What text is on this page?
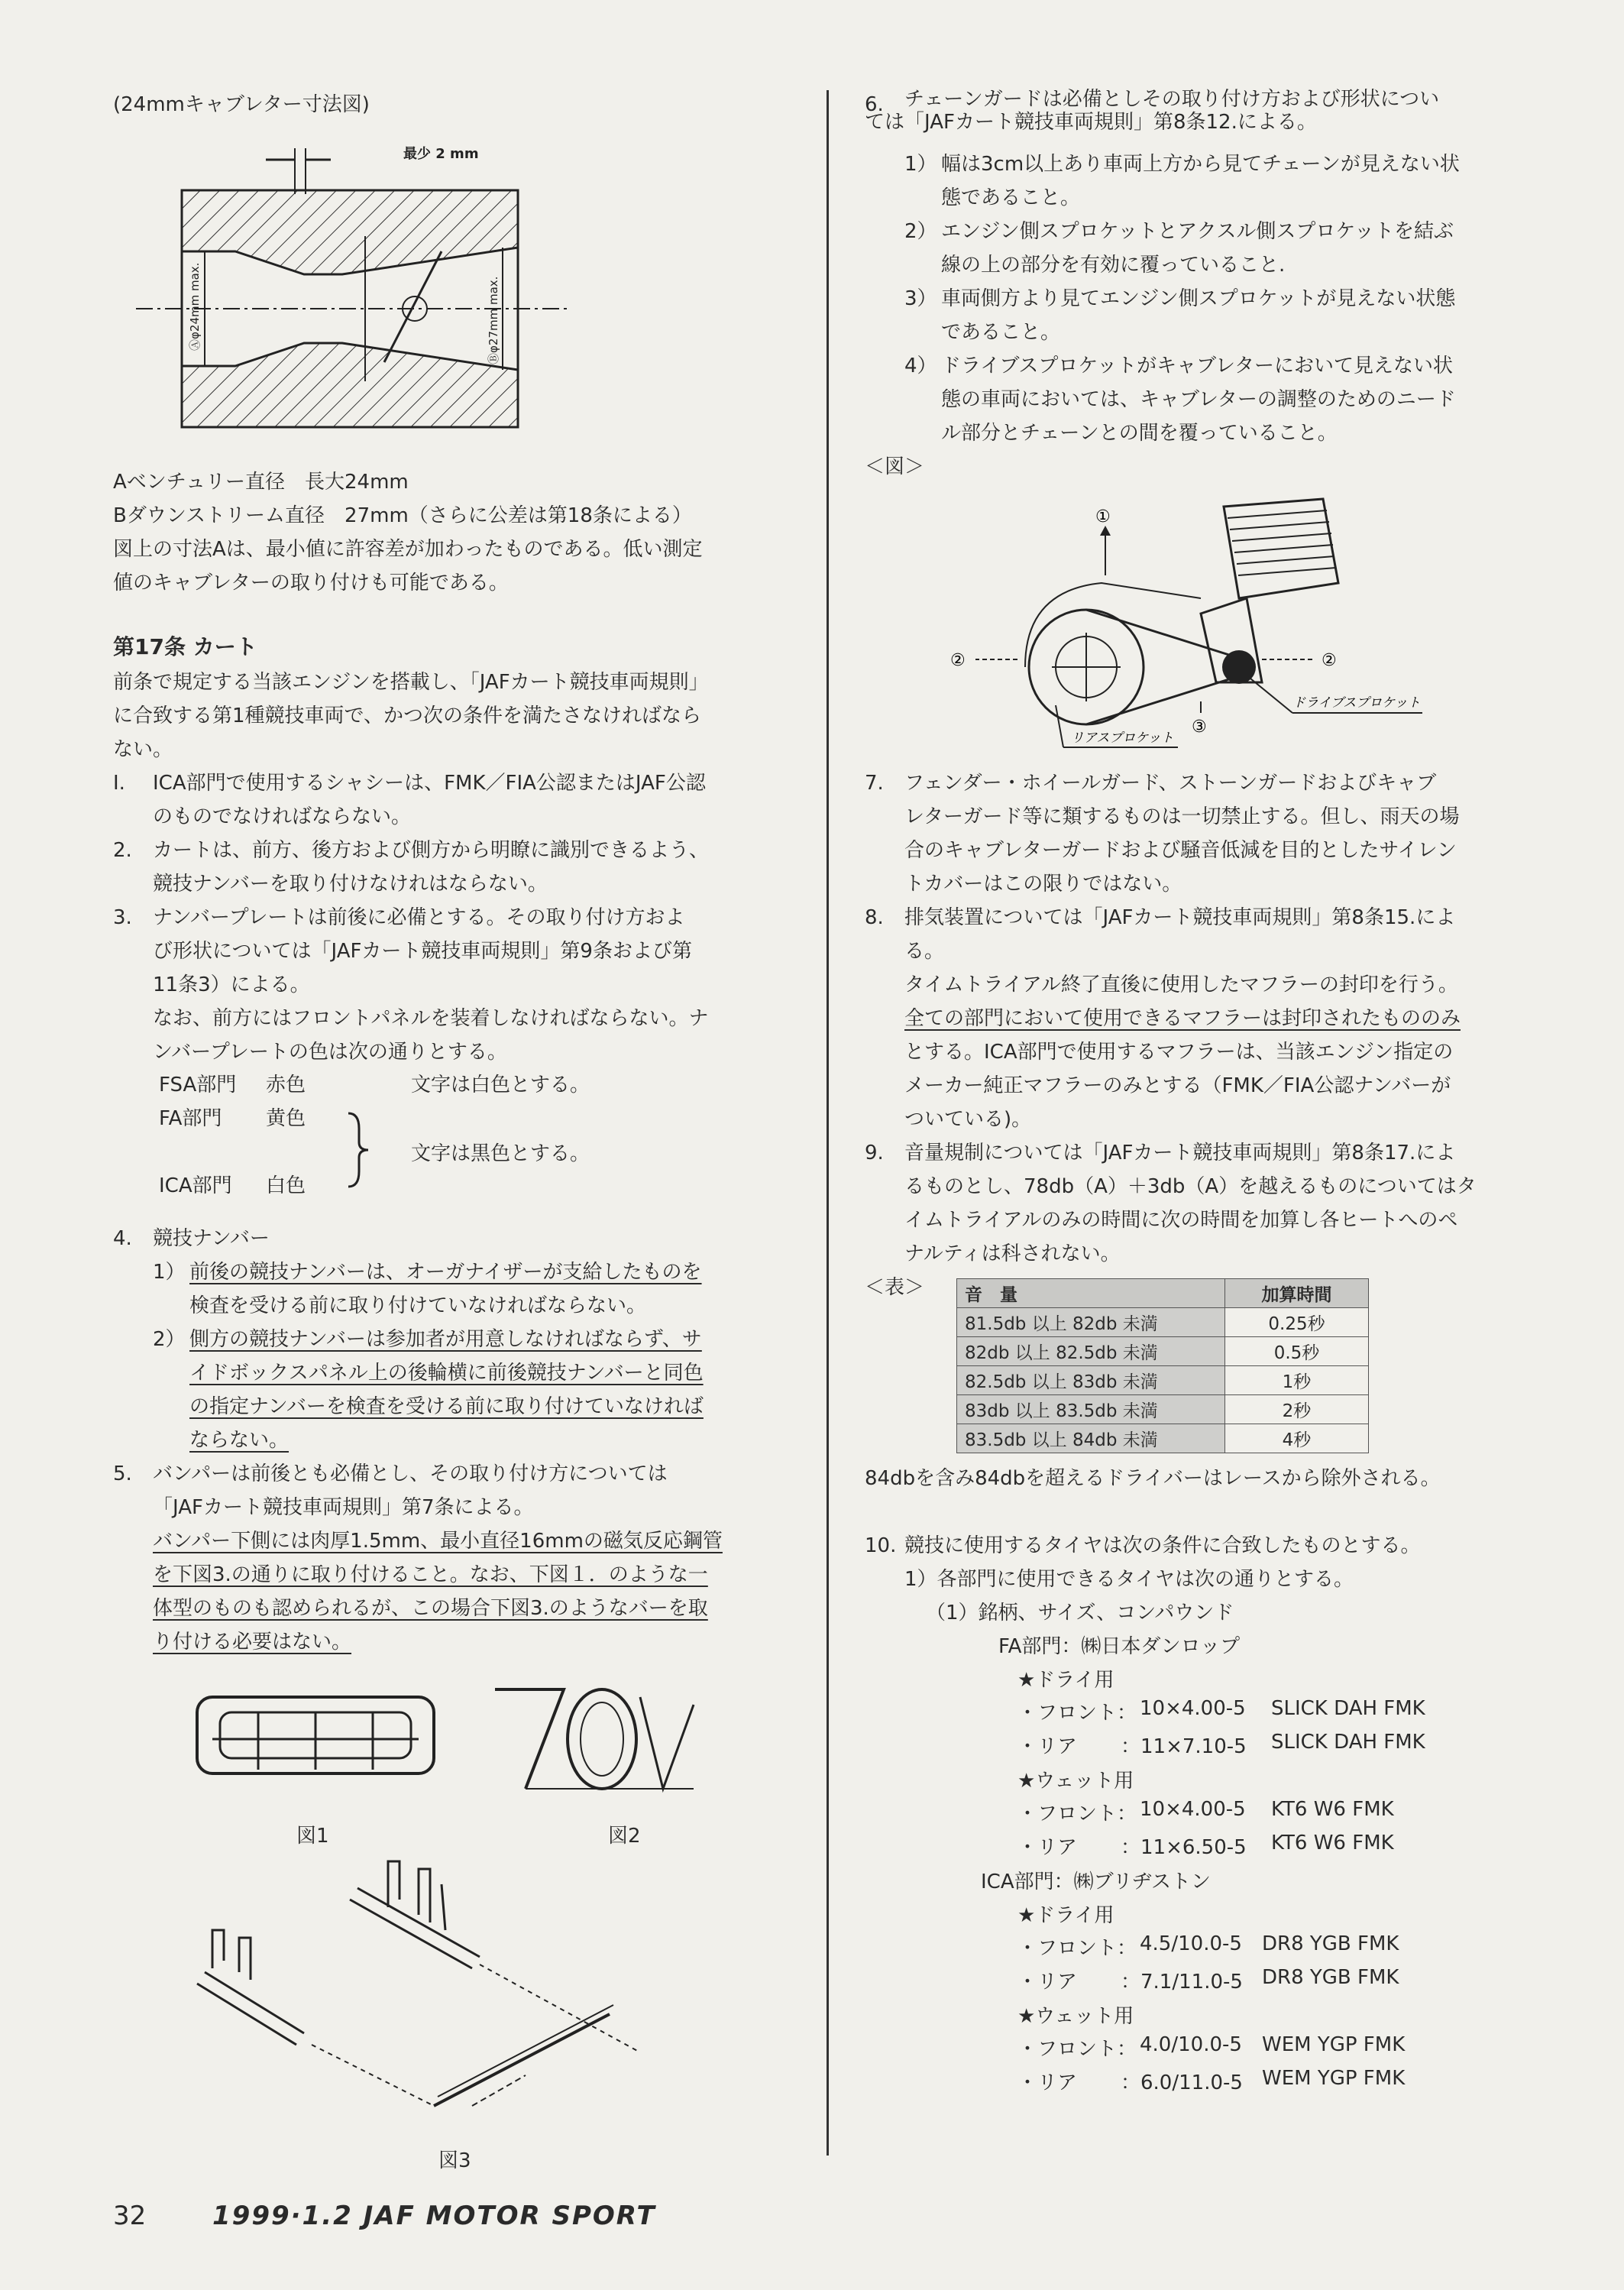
(24mmキャブレター寸法図)

最少 2 mm
Ⓐφ24mm max.	Ⓑφ27mm max.

Aベンチュリー直径　長大24mm

Bダウンストリーム直径　27mm（さらに公差は第18条による）

図上の寸法Aは、最小値に許容差が加わったものである。低い測定

値のキャブレターの取り付けも可能である。

第17条 カート

前条で規定する当該エンジンを搭載し、「JAFカート競技車両規則」

に合致する第1種競技車両で、かつ次の条件を満たさなければなら

ない。

I.	ICA部門で使用するシャシーは、FMK／FIA公認またはJAF公認

のものでなければならない。

2.	カートは、前方、後方および側方から明瞭に識別できるよう、

競技ナンバーを取り付けなけれはならない。

3.	ナンバープレートは前後に必備とする。その取り付け方およ

び形状については「JAFカート競技車両規則」第9条および第

11条3）による。

なお、前方にはフロントパネルを装着しなければならない。ナ

ンバープレートの色は次の通りとする。

FSA部門 赤色	文字は白色とする。
FA部門 黄色
文字は黒色とする。
ICA部門 白色
4.	競技ナンバー

1） 前後の競技ナンバーは、オーガナイザーが支給したものを

検査を受ける前に取り付けていなければならない。

2） 側方の競技ナンバーは参加者が用意しなければならず、サ

イドボックスパネル上の後輪横に前後競技ナンバーと同色

の指定ナンバーを検査を受ける前に取り付けていなければ

ならない。

5.	バンパーは前後とも必備とし、その取り付け方については

「JAFカート競技車両規則」第7条による。

バンパー下側には肉厚1.5mm、最小直径16mmの磁気反応鋼管

を下図3.の通りに取り付けること。なお、下図１．のような一

体型のものも認められるが、この場合下図3.のようなバーを取

り付ける必要はない。

図1	図2
図3
6.	チェーンガードは必備としその取り付け方および形状につい

ては「JAFカート競技車両規則」第8条12.による。

1） 幅は3cm以上あり車両上方から見てチェーンが見えない状

態であること。

2） エンジン側スプロケットとアクスル側スプロケットを結ぶ

線の上の部分を有効に覆っていること.

3） 車両側方より見てエンジン側スプロケットが見えない状態

であること。

4） ドライブスプロケットがキャブレターにおいて見えない状

態の車両においては、キャブレターの調整のためのニード

ル部分とチェーンとの間を覆っていること。

＜図＞

①
②	②
③
ドライブスプロケット
リアスプロケット
7.	フェンダー・ホイールガード、ストーンガードおよびキャブ

レターガード等に類するものは一切禁止する。但し、雨天の場

合のキャブレターガードおよび騒音低減を目的としたサイレン

トカバーはこの限りではない。

8.	排気装置については「JAFカート競技車両規則」第8条15.によ

る。

タイムトライアル終了直後に使用したマフラーの封印を行う。

全ての部門において使用できるマフラーは封印されたもののみ

とする。ICA部門で使用するマフラーは、当該エンジン指定の

メーカー純正マフラーのみとする（FMK／FIA公認ナンバーが

ついている)。

9.	音量規制については「JAFカート競技車両規則」第8条17.によ

るものとし、78db（A）＋3db（A）を越えるものについてはタ

イムトライアルのみの時間に次の時間を加算し各ヒートへのペ

ナルティは科されない。

＜表＞ 音　量	加算時間
81.5db 以上 82db 未満	0.25秒
82db 以上 82.5db 未満	0.5秒
82.5db 以上 83db 未満	1秒
83db 以上 83.5db 未満	2秒
83.5db 以上 84db 未満	4秒

84dbを含み84dbを超えるドライバーはレースから除外される。

10. 競技に使用するタイヤは次の条件に合致したものとする。

1）各部門に使用できるタイヤは次の通りとする。

（1）銘柄、サイズ、コンパウンド

FA部門：㈱日本ダンロップ

★ドライ用

・フロント： 10×4.00-5 SLICK DAH FMK
・リア ：11×7.10-5 SLICK DAH FMK

★ウェット用

・フロント： 10×4.00-5 KT6 W6 FMK
・リア ：11×6.50-5 KT6 W6 FMK

ICA部門：㈱ブリヂストン

★ドライ用

・フロント： 4.5/10.0-5 DR8 YGB FMK
・リア ：7.1/11.0-5 DR8 YGB FMK

★ウェット用

・フロント： 4.0/10.0-5 WEM YGP FMK
・リア ：6.0/11.0-5 WEM YGP FMK
32	1999·1.2 JAF MOTOR SPORT
